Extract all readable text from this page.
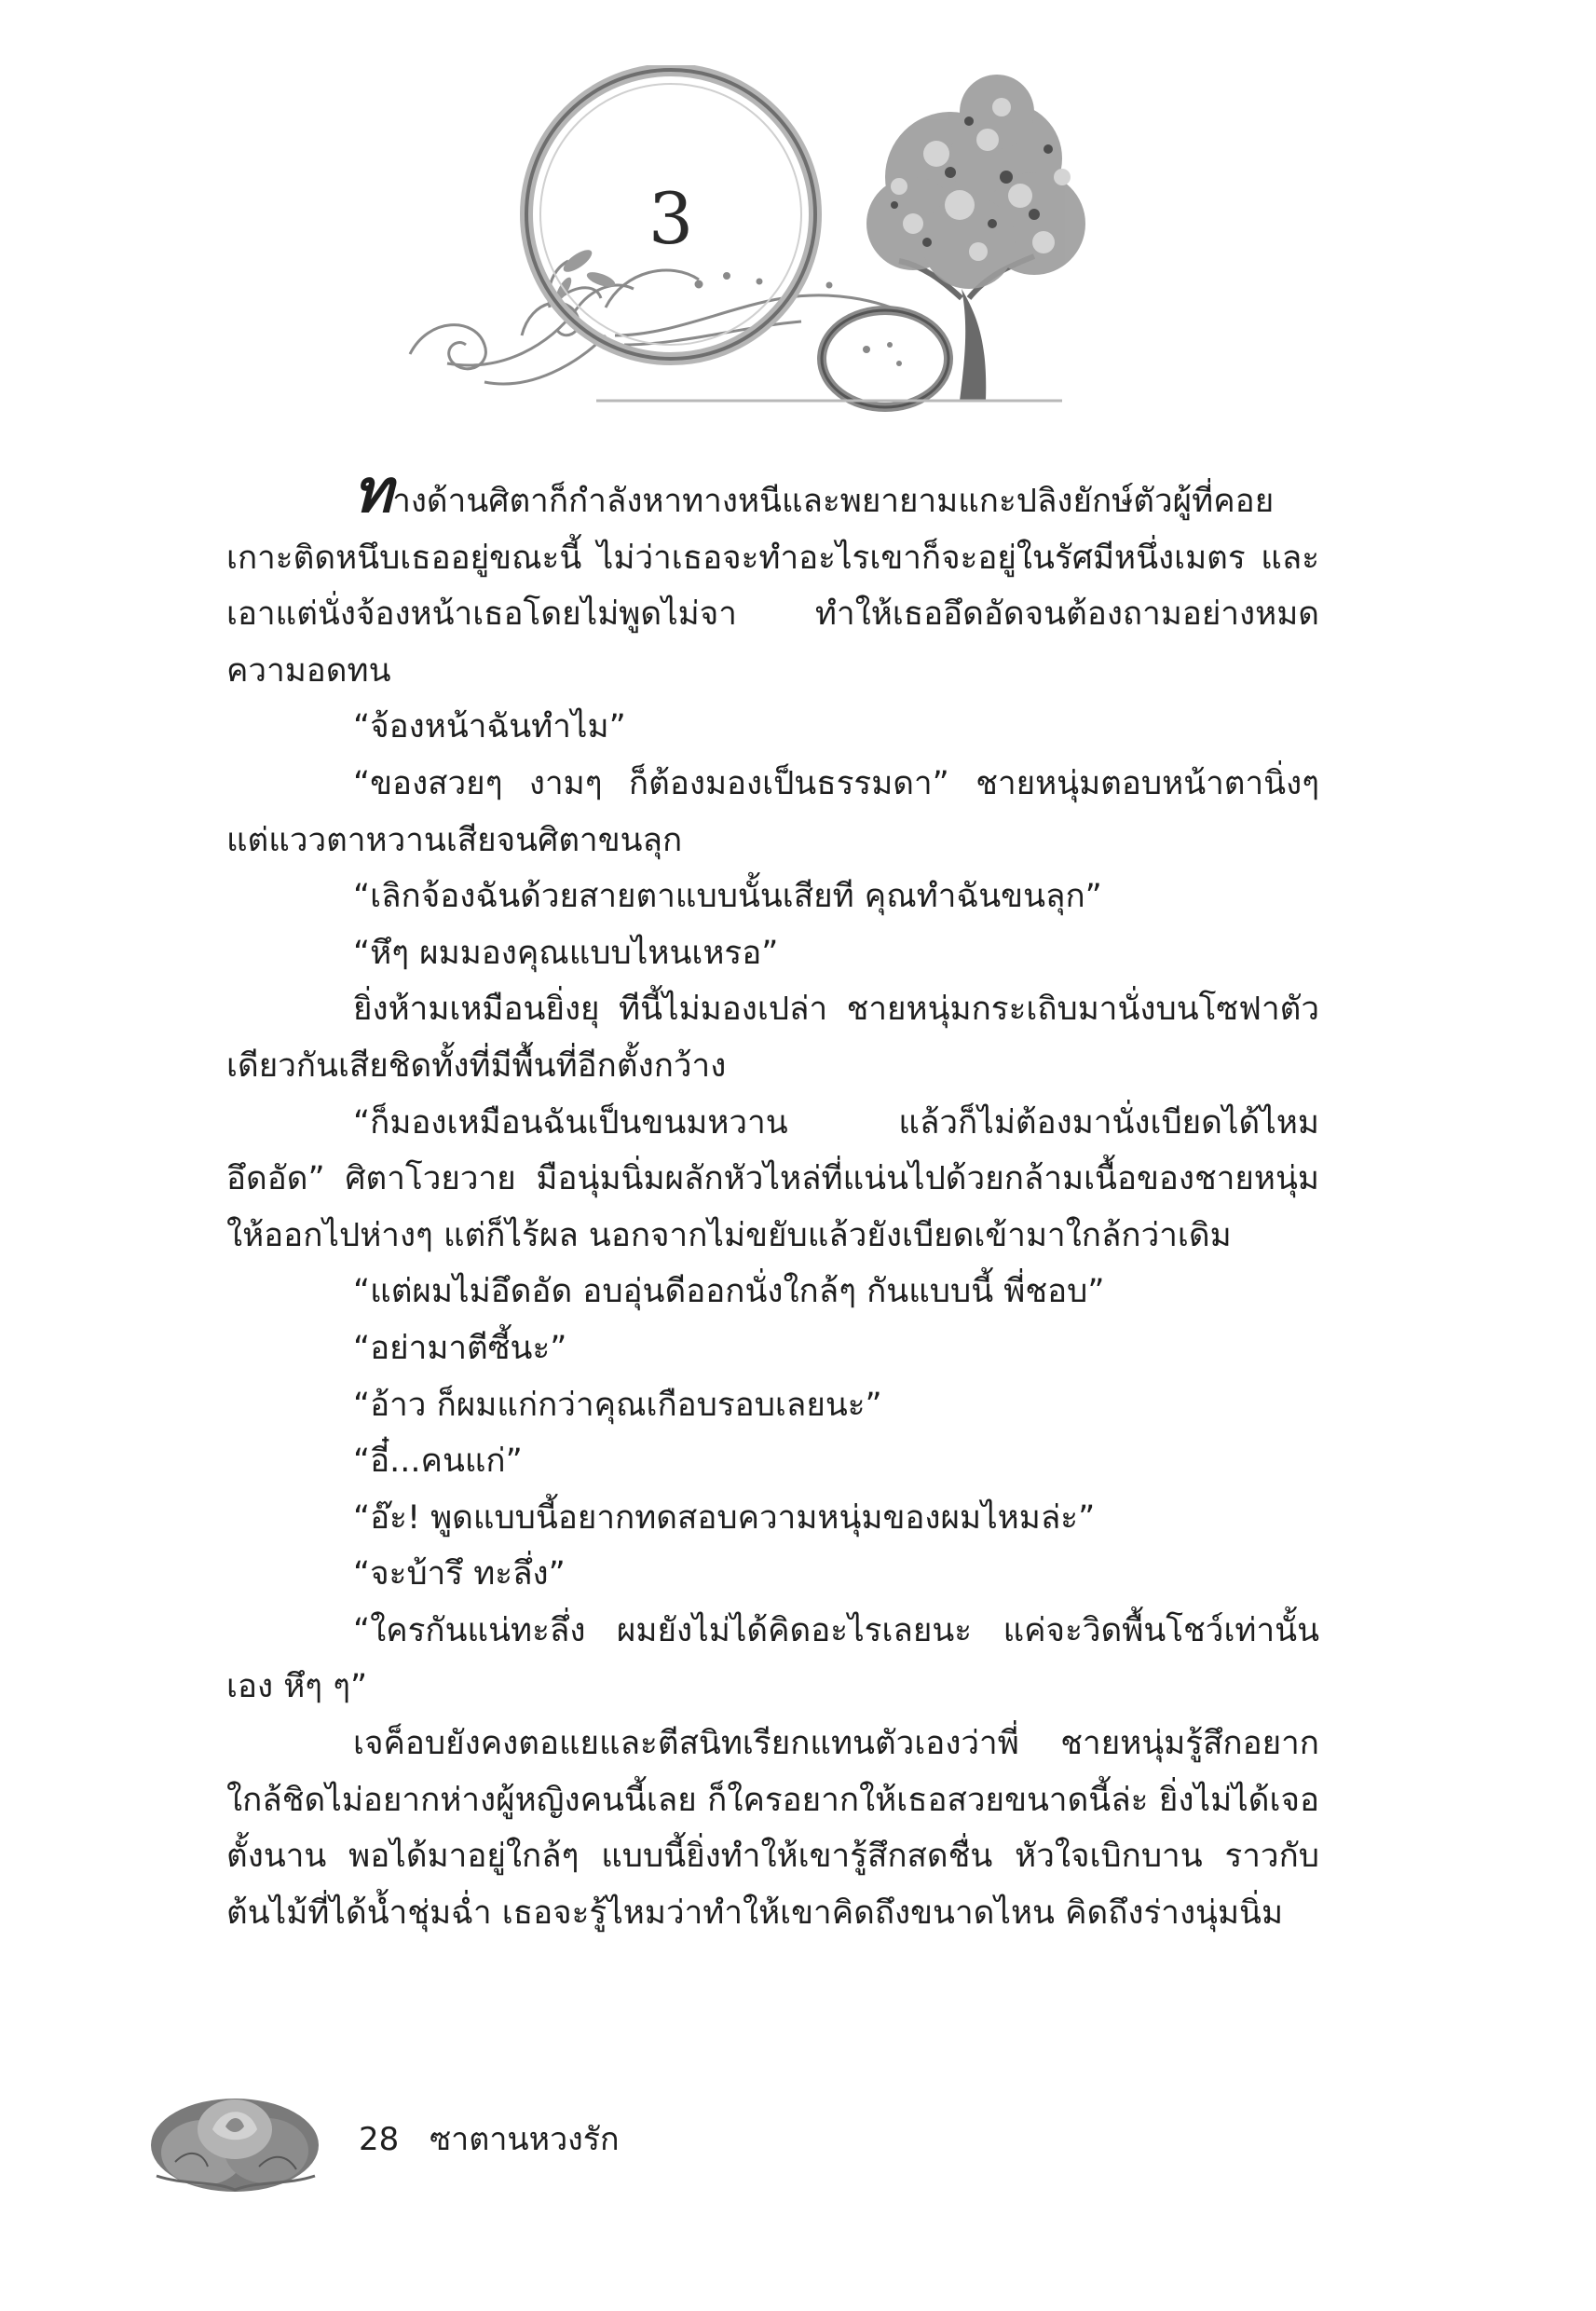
3

ทางด้านศิตาก็กำลังหาทางหนีและพยายามแกะปลิงยักษ์ตัวผู้ที่คอยเกาะติดหนึบเธออยู่ขณะนี้ ไม่ว่าเธอจะทำอะไรเขาก็จะอยู่ในรัศมีหนึ่งเมตร และเอาแต่นั่งจ้องหน้าเธอโดยไม่พูดไม่จา ทำให้เธออึดอัดจนต้องถามอย่างหมดความอดทน

“จ้องหน้าฉันทำไม”

“ของสวยๆ งามๆ ก็ต้องมองเป็นธรรมดา” ชายหนุ่มตอบหน้าตานิ่งๆ แต่แววตาหวานเสียจนศิตาขนลุก

“เลิกจ้องฉันด้วยสายตาแบบนั้นเสียที คุณทำฉันขนลุก”

“หึๆ ผมมองคุณแบบไหนเหรอ”

ยิ่งห้ามเหมือนยิ่งยุ ทีนี้ไม่มองเปล่า ชายหนุ่มกระเถิบมานั่งบนโซฟาตัวเดียวกันเสียชิดทั้งที่มีพื้นที่อีกตั้งกว้าง

“ก็มองเหมือนฉันเป็นขนมหวาน แล้วก็ไม่ต้องมานั่งเบียดได้ไหม อึดอัด” ศิตาโวยวาย มือนุ่มนิ่มผลักหัวไหล่ที่แน่นไปด้วยกล้ามเนื้อของชายหนุ่ม ให้ออกไปห่างๆ แต่ก็ไร้ผล นอกจากไม่ขยับแล้วยังเบียดเข้ามาใกล้กว่าเดิม

“แต่ผมไม่อึดอัด อบอุ่นดีออกนั่งใกล้ๆ กันแบบนี้ พี่ชอบ”

“อย่ามาตีซี้นะ”

“อ้าว ก็ผมแก่กว่าคุณเกือบรอบเลยนะ”

“อี๋...คนแก่”

“อ๊ะ! พูดแบบนี้อยากทดสอบความหนุ่มของผมไหมล่ะ”

“จะบ้ารึ ทะลึ่ง”

“ใครกันแน่ทะลึ่ง ผมยังไม่ได้คิดอะไรเลยนะ แค่จะวิดพื้นโชว์เท่านั้นเอง หึๆ ๆ”

เจค็อบยังคงตอแยและตีสนิทเรียกแทนตัวเองว่าพี่ ชายหนุ่มรู้สึกอยากใกล้ชิดไม่อยากห่างผู้หญิงคนนี้เลย ก็ใครอยากให้เธอสวยขนาดนี้ล่ะ ยิ่งไม่ได้เจอตั้งนาน พอได้มาอยู่ใกล้ๆ แบบนี้ยิ่งทำให้เขารู้สึกสดชื่น หัวใจเบิกบาน ราวกับต้นไม้ที่ได้น้ำชุ่มฉ่ำ เธอจะรู้ไหมว่าทำให้เขาคิดถึงขนาดไหน คิดถึงร่างนุ่มนิ่ม

28 ซาตานหวงรัก
